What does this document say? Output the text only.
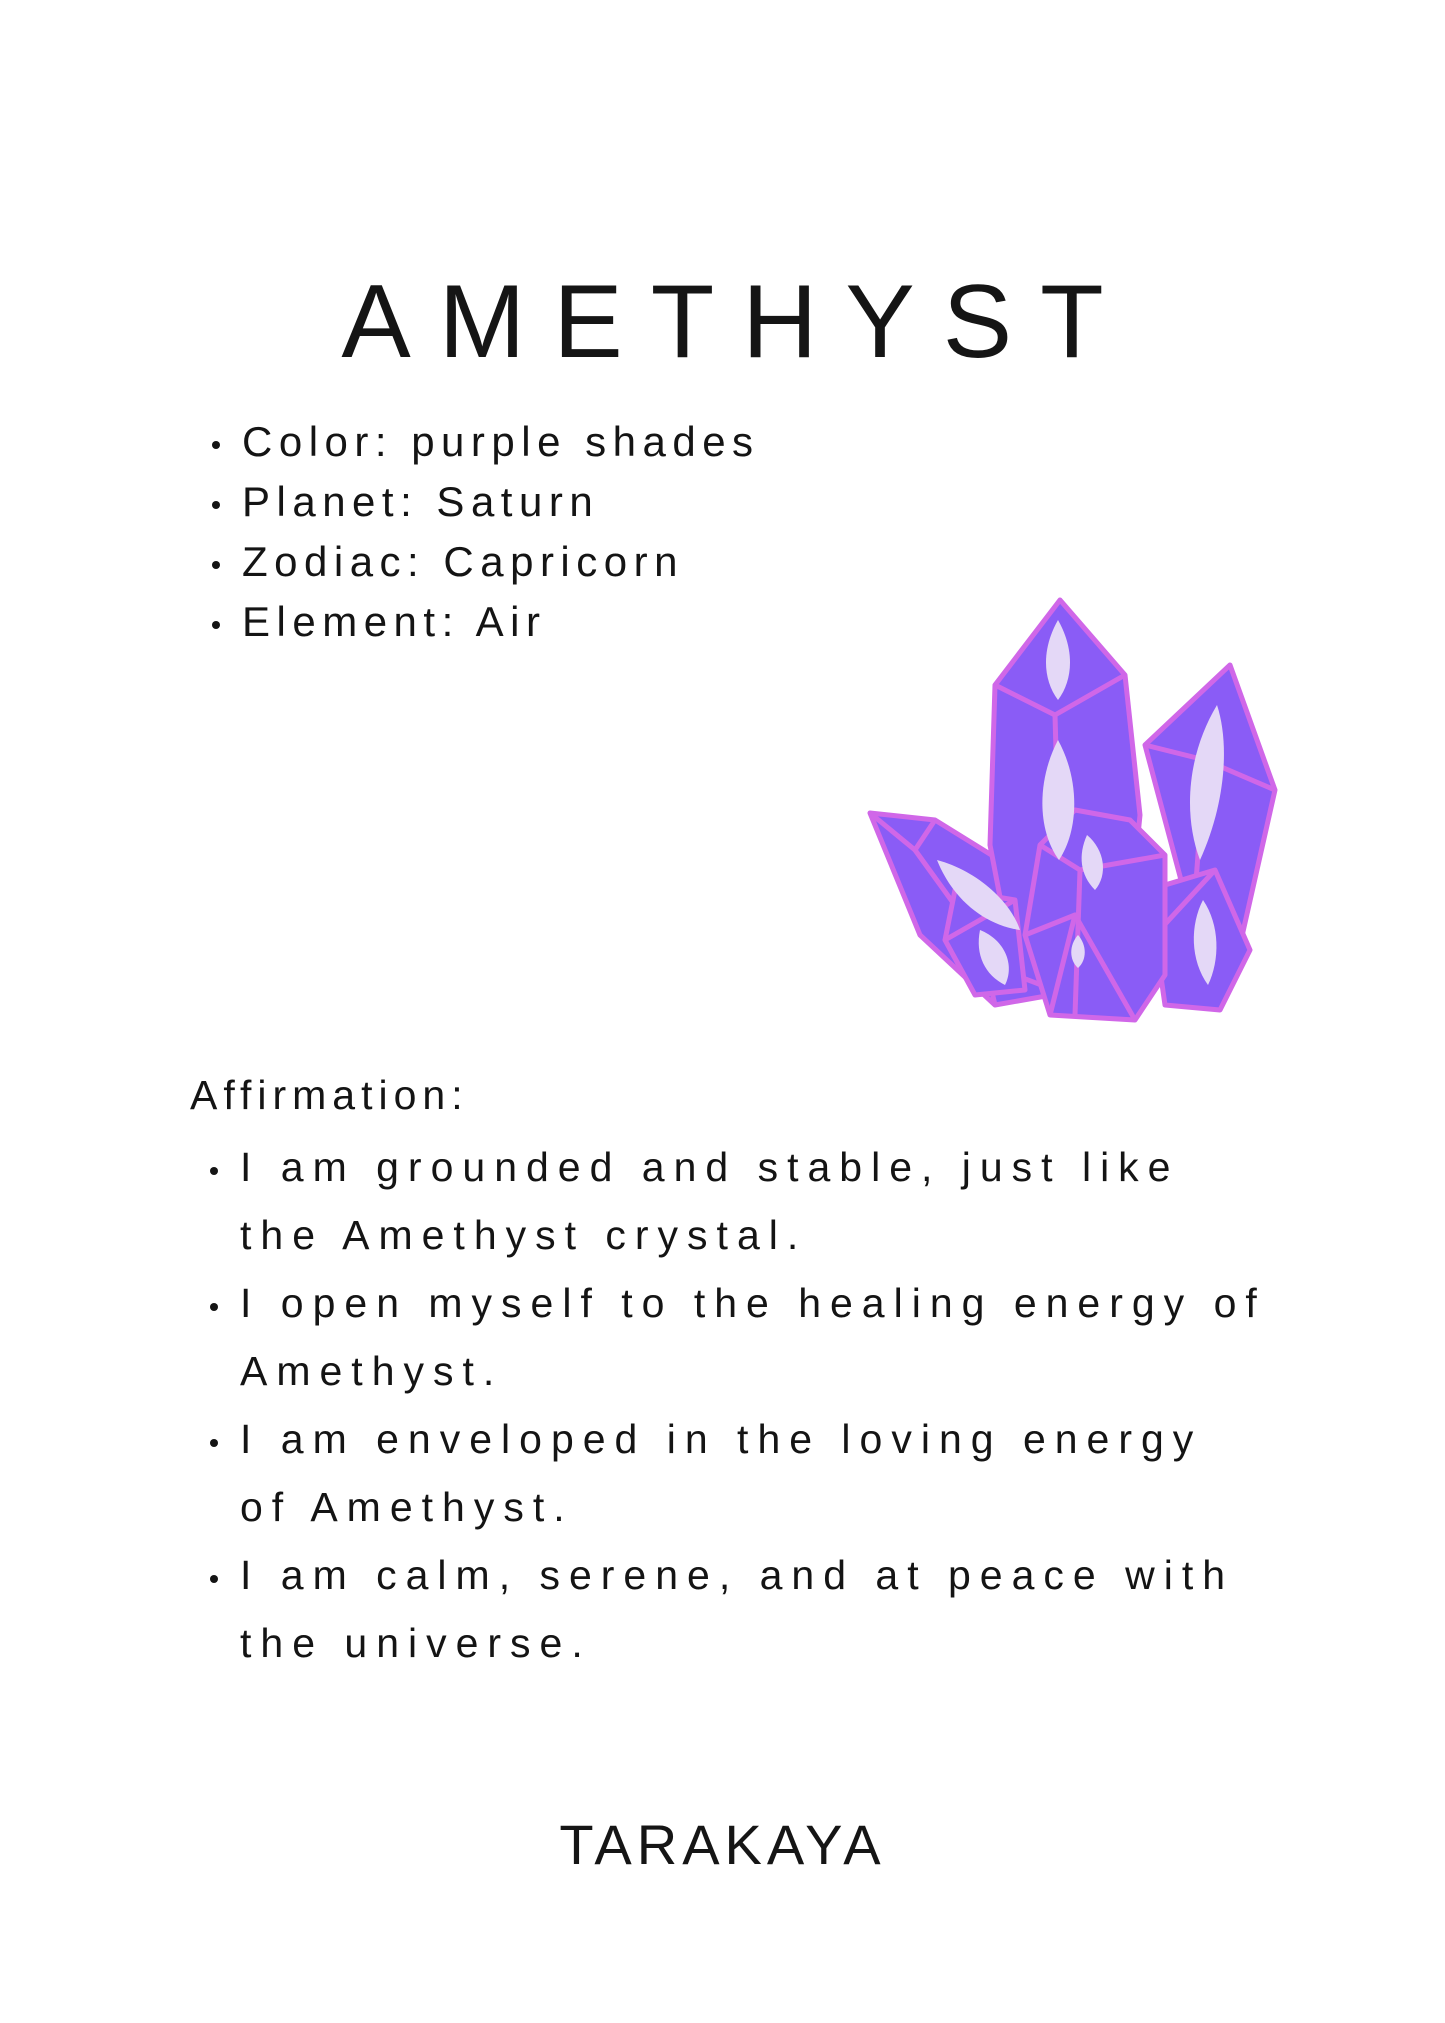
AMETHYST
Color: purple shades
Planet: Saturn
Zodiac: Capricorn
Element: Air

Affirmation:

I am grounded and stable, just like the Amethyst crystal.
I open myself to the healing energy of Amethyst.
I am enveloped in the loving energy of Amethyst.
I am calm, serene, and at peace with the universe.
TARAKAYA
